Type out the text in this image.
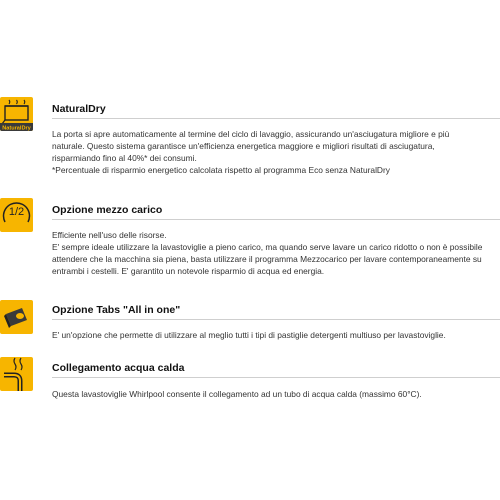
NaturalDry
NaturalDry
La porta si apre automaticamente al termine del ciclo di lavaggio, assicurando un'asciugatura migliore e più
naturale. Questo sistema garantisce un'efficienza energetica maggiore e migliori risultati di asciugatura,
risparmiando fino al 40%* dei consumi.
*Percentuale di risparmio energetico calcolata rispetto al programma Eco senza NaturalDry
1/2	Opzione mezzo carico
Efficiente nell'uso delle risorse.
E' sempre ideale utilizzare la lavastoviglie a pieno carico, ma quando serve lavare un carico ridotto o non è possibile
attendere che la macchina sia piena, basta utilizzare il programma Mezzocarico per lavare contemporaneamente su
entrambi i cestelli. E' garantito un notevole risparmio di acqua ed energia.
Opzione Tabs "All in one"
E' un'opzione che permette di utilizzare al meglio tutti i tipi di pastiglie detergenti multiuso per lavastoviglie.
Collegamento acqua calda
Questa lavastoviglie Whirlpool consente il collegamento ad un tubo di acqua calda (massimo 60°C).
